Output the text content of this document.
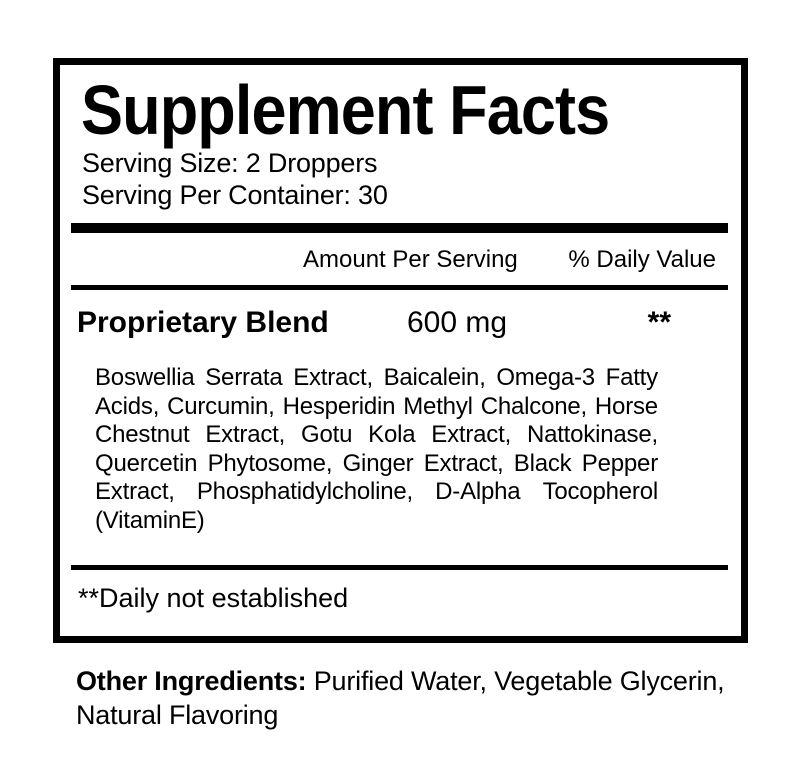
Supplement Facts
Serving Size: 2 Droppers
Serving Per Container: 30
Amount Per Serving % Daily Value
Proprietary Blend	600 mg	**
Boswellia Serrata Extract, Baicalein, Omega-3 Fatty
Acids, Curcumin, Hesperidin Methyl Chalcone, Horse
Chestnut Extract, Gotu Kola Extract, Nattokinase,
Quercetin Phytosome, Ginger Extract, Black Pepper
Extract, Phosphatidylcholine, D-Alpha Tocopherol
(Vitamin E)
**Daily not established
Other Ingredients: Purified Water, Vegetable Glycerin,
Natural Flavoring
